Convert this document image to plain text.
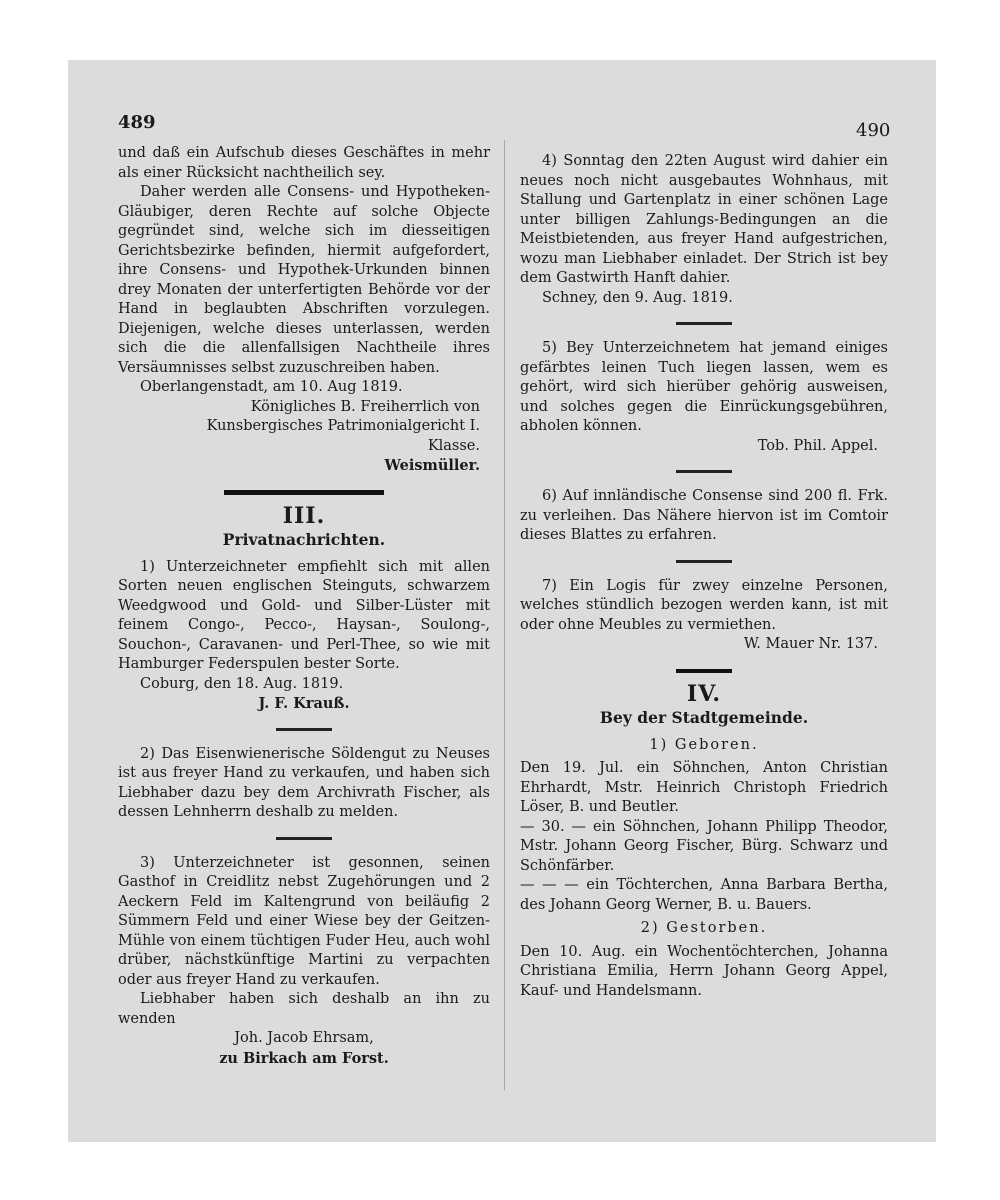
489	490

und daß ein Aufschub dieses Geschäftes in mehr als einer Rücksicht nachtheilich sey.

Daher werden alle Consens- und Hypotheken-Gläubiger, deren Rechte auf solche Objecte gegründet sind, welche sich im diesseitigen Gerichtsbezirke befinden, hiermit aufgefordert, ihre Consens- und Hypothek-Urkunden binnen drey Monaten der unterfertigten Behörde vor der Hand in beglaubten Abschriften vorzulegen. Diejenigen, welche dieses unterlassen, werden sich die die allenfallsigen Nachtheile ihres Versäumnisses selbst zuzuschreiben haben.

Oberlangenstadt, am 10. Aug 1819.

Königliches B. Freiherrlich von Kunsbergisches Patrimonialgericht I. Klasse.

Weismüller.

III.
Privatnachrichten.

1) Unterzeichneter empfiehlt sich mit allen Sorten neuen englischen Steinguts, schwarzem Weedgwood und Gold- und Silber-Lüster mit feinem Congo-, Pecco-, Haysan-, Soulong-, Souchon-, Caravanen- und Perl-Thee, so wie mit Hamburger Federspulen bester Sorte.

Coburg, den 18. Aug. 1819.

J. F. Krauß.

2) Das Eisenwienerische Söldengut zu Neuses ist aus freyer Hand zu verkaufen, und haben sich Liebhaber dazu bey dem Archivrath Fischer, als dessen Lehnherrn deshalb zu melden.

3) Unterzeichneter ist gesonnen, seinen Gasthof in Creidlitz nebst Zugehörungen und 2 Aeckern Feld im Kaltengrund von beiläufig 2 Sümmern Feld und einer Wiese bey der Geitzen-Mühle von einem tüchtigen Fuder Heu, auch wohl drüber, nächstkünftige Martini zu verpachten oder aus freyer Hand zu verkaufen.

Liebhaber haben sich deshalb an ihn zu wenden

Joh. Jacob Ehrsam,

zu Birkach am Forst.

4) Sonntag den 22ten August wird dahier ein neues noch nicht ausgebautes Wohnhaus, mit Stallung und Gartenplatz in einer schönen Lage unter billigen Zahlungs-Bedingungen an die Meistbietenden, aus freyer Hand aufgestrichen, wozu man Liebhaber einladet. Der Strich ist bey dem Gastwirth Hanft dahier.

Schney, den 9. Aug. 1819.

5) Bey Unterzeichnetem hat jemand einiges gefärbtes leinen Tuch liegen lassen, wem es gehört, wird sich hierüber gehörig ausweisen, und solches gegen die Einrückungsgebühren, abholen können.

Tob. Phil. Appel.

6) Auf innländische Consense sind 200 fl. Frk. zu verleihen. Das Nähere hiervon ist im Comtoir dieses Blattes zu erfahren.

7) Ein Logis für zwey einzelne Personen, welches stündlich bezogen werden kann, ist mit oder ohne Meubles zu vermiethen.

W. Mauer Nr. 137.

IV.
Bey der Stadtgemeinde.
1) Geboren.

Den 19. Jul. ein Söhnchen, Anton Christian Ehrhardt, Mstr. Heinrich Christoph Friedrich Löser, B. und Beutler.

— 30. — ein Söhnchen, Johann Philipp Theodor, Mstr. Johann Georg Fischer, Bürg. Schwarz und Schönfärber.

— — — ein Töchterchen, Anna Barbara Bertha, des Johann Georg Werner, B. u. Bauers.

2) Gestorben.

Den 10. Aug. ein Wochentöchterchen, Johanna Christiana Emilia, Herrn Johann Georg Appel, Kauf- und Handelsmann.
